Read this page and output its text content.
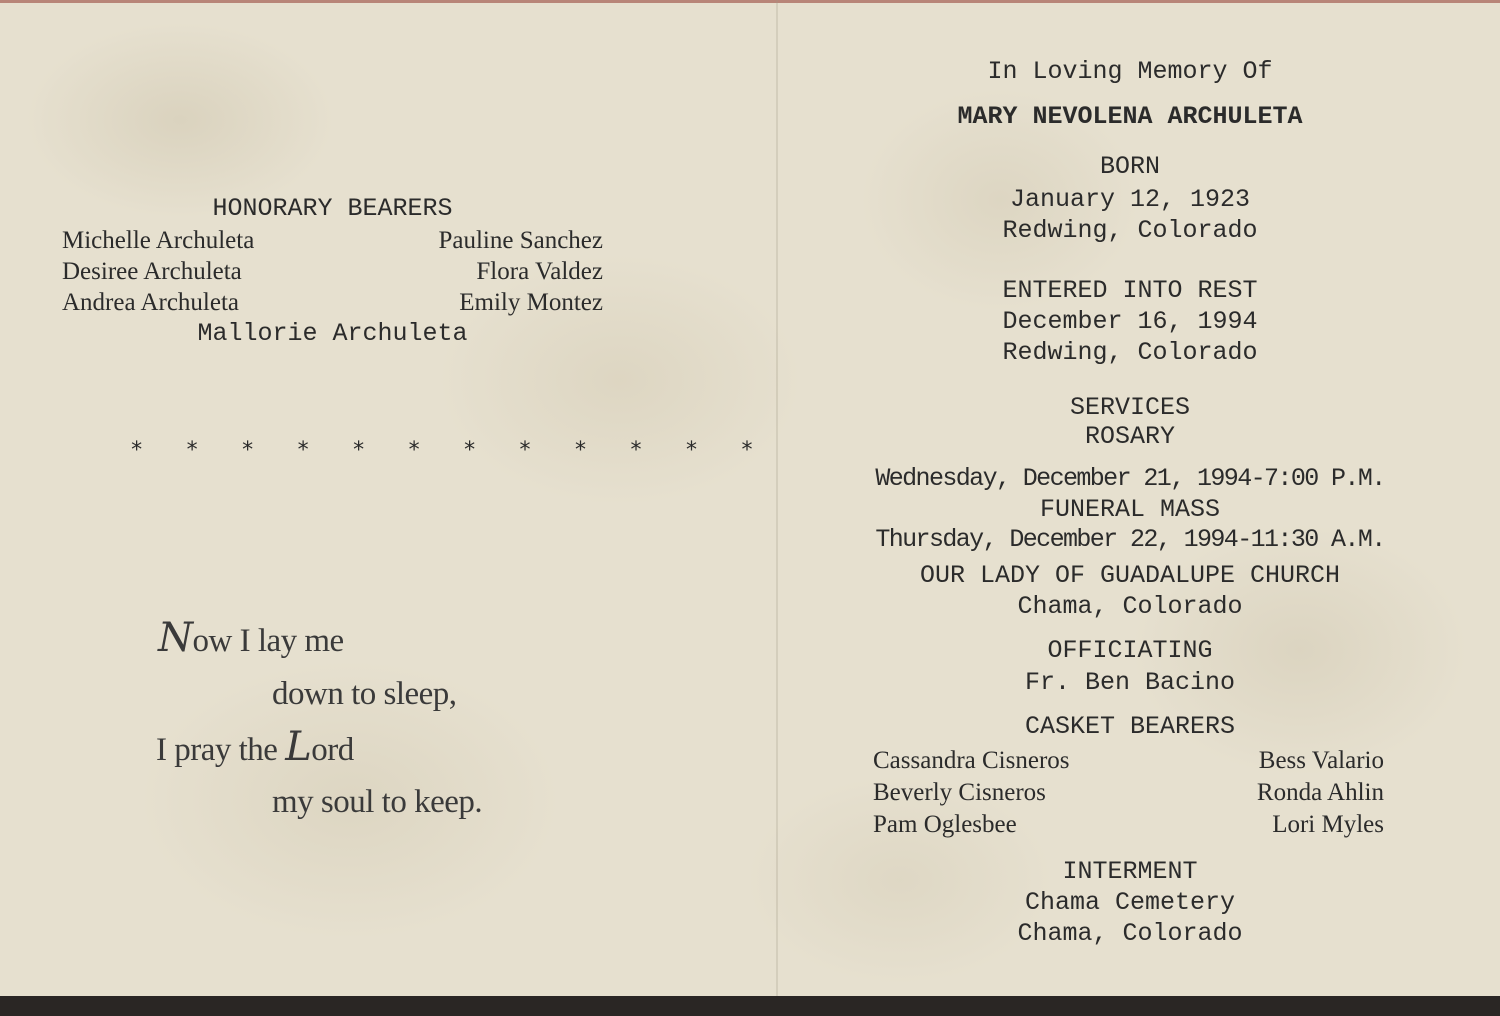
HONORARY BEARERS
Michelle Archuleta	Pauline Sanchez
Desiree Archuleta	Flora Valdez
Andrea Archuleta	Emily Montez
Mallorie Archuleta
* * * * * * * * * * * *
Now I lay me
down to sleep,
I pray the Lord
my soul to keep.
In Loving Memory Of
MARY NEVOLENA ARCHULETA
BORN
January 12, 1923
Redwing, Colorado
ENTERED INTO REST
December 16, 1994
Redwing, Colorado
SERVICES
ROSARY
Wednesday, December 21, 1994-7:00 P.M.
FUNERAL MASS
Thursday, December 22, 1994-11:30 A.M.
OUR LADY OF GUADALUPE CHURCH
Chama, Colorado
OFFICIATING
Fr. Ben Bacino
CASKET BEARERS
Cassandra Cisneros	Bess Valario
Beverly Cisneros	Ronda Ahlin
Pam Oglesbee	Lori Myles
INTERMENT
Chama Cemetery
Chama, Colorado
